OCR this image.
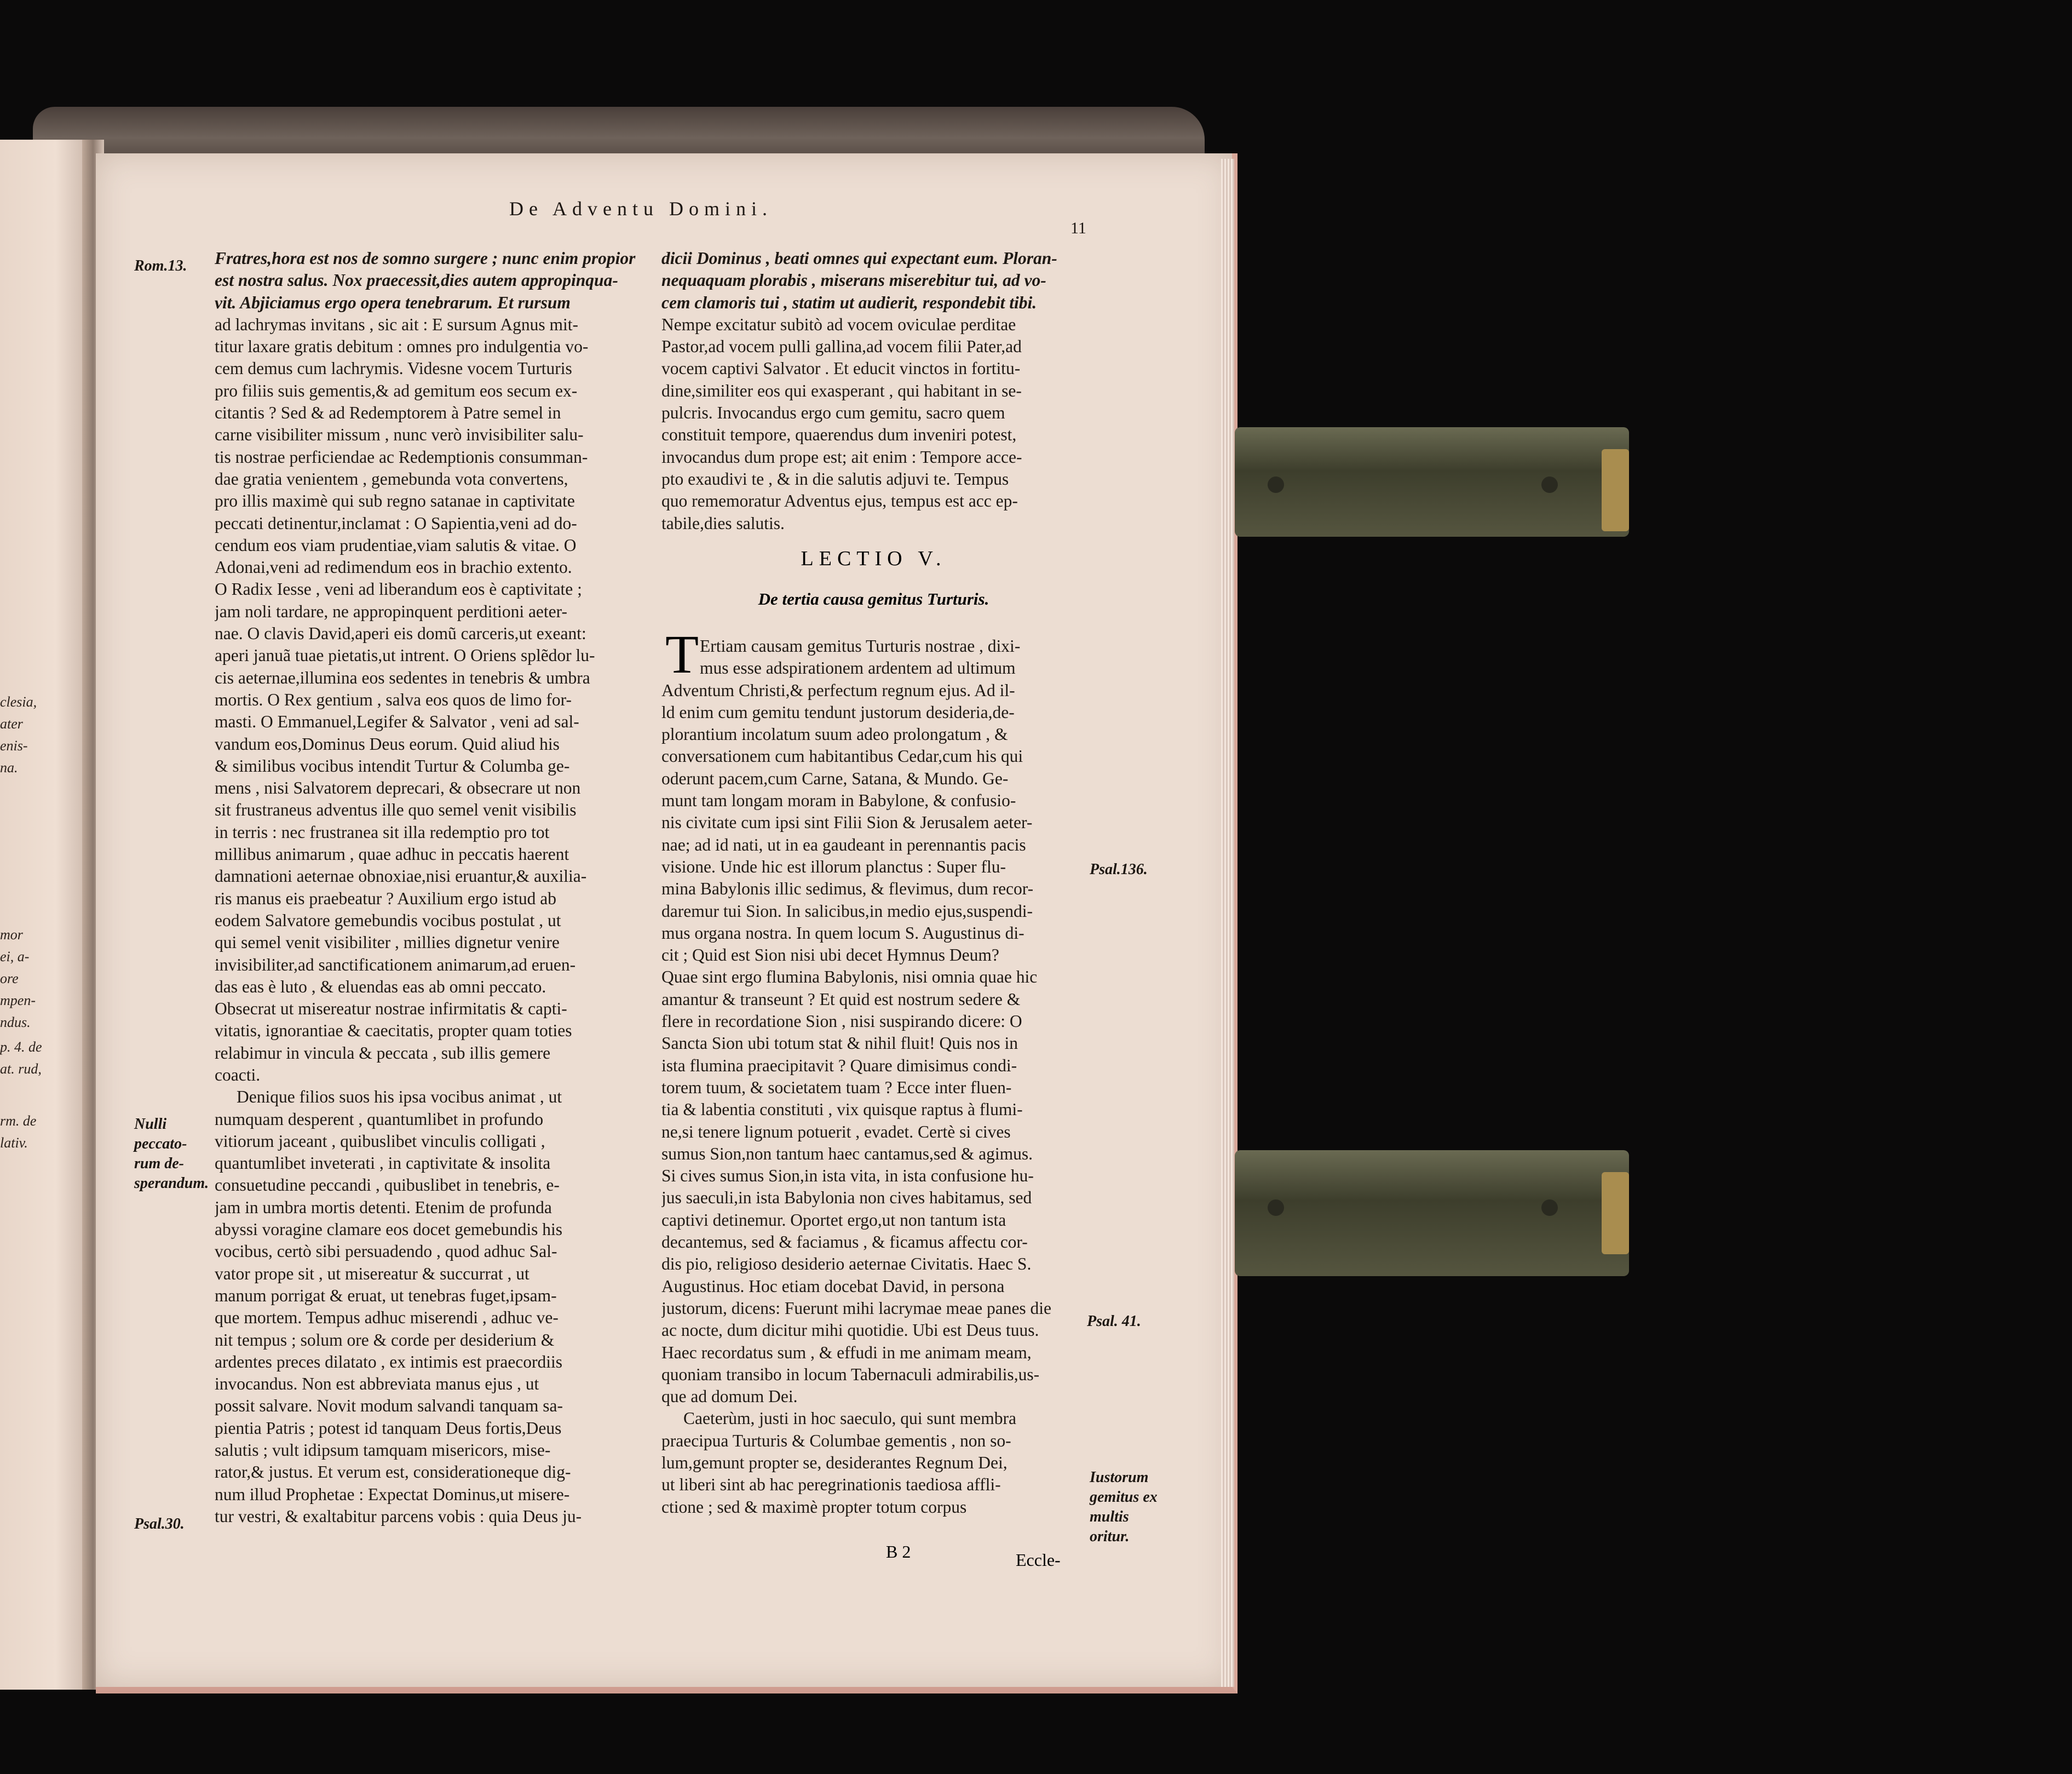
clesia,
ater
enis-
na.
mor
ei, a-
ore
mpen-
ndus.
p. 4. de
at. rud,
rm. de
lativ.
De Adventu Domini.
11
Fratres,hora est nos de somno surgere ; nunc enim propior
est nostra salus. Nox praecessit,dies autem appropinqua-
vit. Abjiciamus ergo opera tenebrarum. Et rursum
ad lachrymas invitans , sic ait : E sursum Agnus mit-
titur laxare gratis debitum : omnes pro indulgentia vo-
cem demus cum lachrymis. Videsne vocem Turturis
pro filiis suis gementis,& ad gemitum eos secum ex-
citantis ? Sed & ad Redemptorem à Patre semel in
carne visibiliter missum , nunc verò invisibiliter salu-
tis nostrae perficiendae ac Redemptionis consumman-
dae gratia venientem , gemebunda vota convertens,
pro illis maximè qui sub regno satanae in captivitate
peccati detinentur,inclamat : O Sapientia,veni ad do-
cendum eos viam prudentiae,viam salutis & vitae. O
Adonai,veni ad redimendum eos in brachio extento.
O Radix Iesse , veni ad liberandum eos è captivitate ;
jam noli tardare, ne appropinquent perditioni aeter-
nae. O clavis David,aperi eis domũ carceris,ut exeant:
aperi januã tuae pietatis,ut intrent. O Oriens splẽdor lu-
cis aeternae,illumina eos sedentes in tenebris & umbra
mortis. O Rex gentium , salva eos quos de limo for-
masti. O Emmanuel,Legifer & Salvator , veni ad sal-
vandum eos,Dominus Deus eorum. Quid aliud his
& similibus vocibus intendit Turtur & Columba ge-
mens , nisi Salvatorem deprecari, & obsecrare ut non
sit frustraneus adventus ille quo semel venit visibilis
in terris : nec frustranea sit illa redemptio pro tot
millibus animarum , quae adhuc in peccatis haerent
damnationi aeternae obnoxiae,nisi eruantur,& auxilia-
ris manus eis praebeatur ? Auxilium ergo istud ab
eodem Salvatore gemebundis vocibus postulat , ut
qui semel venit visibiliter , millies dignetur venire
invisibiliter,ad sanctificationem animarum,ad eruen-
das eas è luto , & eluendas eas ab omni peccato.
Obsecrat ut misereatur nostrae infirmitatis & capti-
vitatis, ignorantiae & caecitatis, propter quam toties
relabimur in vincula & peccata , sub illis gemere
coacti.
Denique filios suos his ipsa vocibus animat , ut
numquam desperent , quantumlibet in profundo
vitiorum jaceant , quibuslibet vinculis colligati ,
quantumlibet inveterati , in captivitate & insolita
consuetudine peccandi , quibuslibet in tenebris, e-
jam in umbra mortis detenti. Etenim de profunda
abyssi voragine clamare eos docet gemebundis his
vocibus, certò sibi persuadendo , quod adhuc Sal-
vator prope sit , ut misereatur & succurrat , ut
manum porrigat & eruat, ut tenebras fuget,ipsam-
que mortem. Tempus adhuc miserendi , adhuc ve-
nit tempus ; solum ore & corde per desiderium &
ardentes preces dilatato , ex intimis est praecordiis
invocandus. Non est abbreviata manus ejus , ut
possit salvare. Novit modum salvandi tanquam sa-
pientia Patris ; potest id tanquam Deus fortis,Deus
salutis ; vult idipsum tamquam misericors, mise-
rator,& justus. Et verum est, considerationeque dig-
num illud Prophetae : Expectat Dominus,ut misere-
tur vestri, & exaltabitur parcens vobis : quia Deus ju-
dicii Dominus , beati omnes qui expectant eum. Ploran-
nequaquam plorabis , miserans miserebitur tui, ad vo-
cem clamoris tui , statim ut audierit, respondebit tibi.
Nempe excitatur subitò ad vocem oviculae perditae
Pastor,ad vocem pulli gallina,ad vocem filii Pater,ad
vocem captivi Salvator . Et educit vinctos in fortitu-
dine,similiter eos qui exasperant , qui habitant in se-
pulcris. Invocandus ergo cum gemitu, sacro quem
constituit tempore, quaerendus dum inveniri potest,
invocandus dum prope est; ait enim : Tempore acce-
pto exaudivi te , & in die salutis adjuvi te. Tempus
quo rememoratur Adventus ejus, tempus est acc ep-
tabile,dies salutis.
LECTIO V.
De tertia causa gemitus Turturis.
T Ertiam causam gemitus Turturis nostrae , dixi-
mus esse adspirationem ardentem ad ultimum
Adventum Christi,& perfectum regnum ejus. Ad il-
ld enim cum gemitu tendunt justorum desideria,de-
plorantium incolatum suum adeo prolongatum , &
conversationem cum habitantibus Cedar,cum his qui
oderunt pacem,cum Carne, Satana, & Mundo. Ge-
munt tam longam moram in Babylone, & confusio-
nis civitate cum ipsi sint Filii Sion & Jerusalem aeter-
nae; ad id nati, ut in ea gaudeant in perennantis pacis
visione. Unde hic est illorum planctus : Super flu-
mina Babylonis illic sedimus, & flevimus, dum recor-
daremur tui Sion. In salicibus,in medio ejus,suspendi-
mus organa nostra. In quem locum S. Augustinus di-
cit ; Quid est Sion nisi ubi decet Hymnus Deum?
Quae sint ergo flumina Babylonis, nisi omnia quae hic
amantur & transeunt ? Et quid est nostrum sedere &
flere in recordatione Sion , nisi suspirando dicere: O
Sancta Sion ubi totum stat & nihil fluit! Quis nos in
ista flumina praecipitavit ? Quare dimisimus condi-
torem tuum, & societatem tuam ? Ecce inter fluen-
tia & labentia constituti , vix quisque raptus à flumi-
ne,si tenere lignum potuerit , evadet. Certè si cives
sumus Sion,non tantum haec cantamus,sed & agimus.
Si cives sumus Sion,in ista vita, in ista confusione hu-
jus saeculi,in ista Babylonia non cives habitamus, sed
captivi detinemur. Oportet ergo,ut non tantum ista
decantemus, sed & faciamus , & ficamus affectu cor-
dis pio, religioso desiderio aeternae Civitatis. Haec S.
Augustinus. Hoc etiam docebat David, in persona
justorum, dicens: Fuerunt mihi lacrymae meae panes die
ac nocte, dum dicitur mihi quotidie. Ubi est Deus tuus.
Haec recordatus sum , & effudi in me animam meam,
quoniam transibo in locum Tabernaculi admirabilis,us-
que ad domum Dei.
Caeterùm, justi in hoc saeculo, qui sunt membra
praecipua Turturis & Columbae gementis , non so-
lum,gemunt propter se, desiderantes Regnum Dei,
ut liberi sint ab hac peregrinationis taediosa affli-
ctione ; sed & maximè propter totum corpus
Rom.13.
Nulli peccato-rum de-sperandum.
Psal.30.
Psal.136.
Psal. 41.
Iustorum gemitus ex multis oritur.
B 2	Eccle-
